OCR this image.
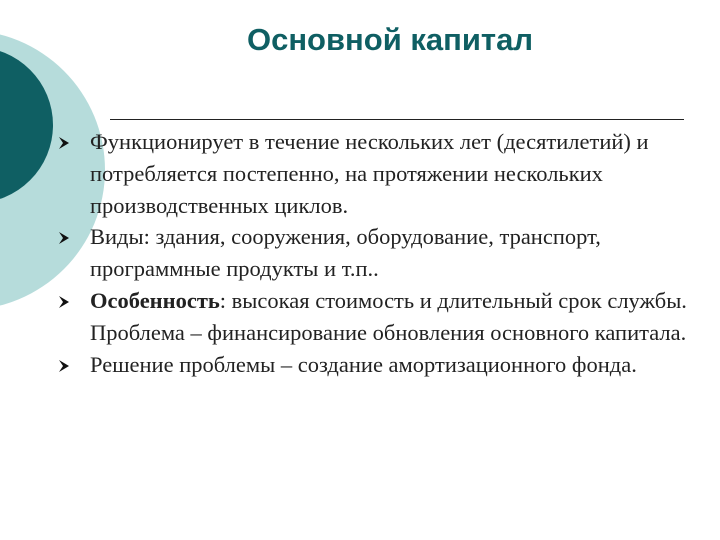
Основной капитал
Функционирует в течение нескольких лет (десятилетий) и потребляется постепенно, на протяжении нескольких производственных циклов.
Виды: здания, сооружения, оборудование, транспорт, программные продукты и т.п..
Особенность: высокая стоимость и длительный срок службы. Проблема – финансирование обновления основного капитала.
Решение проблемы – создание амортизационного фонда.
